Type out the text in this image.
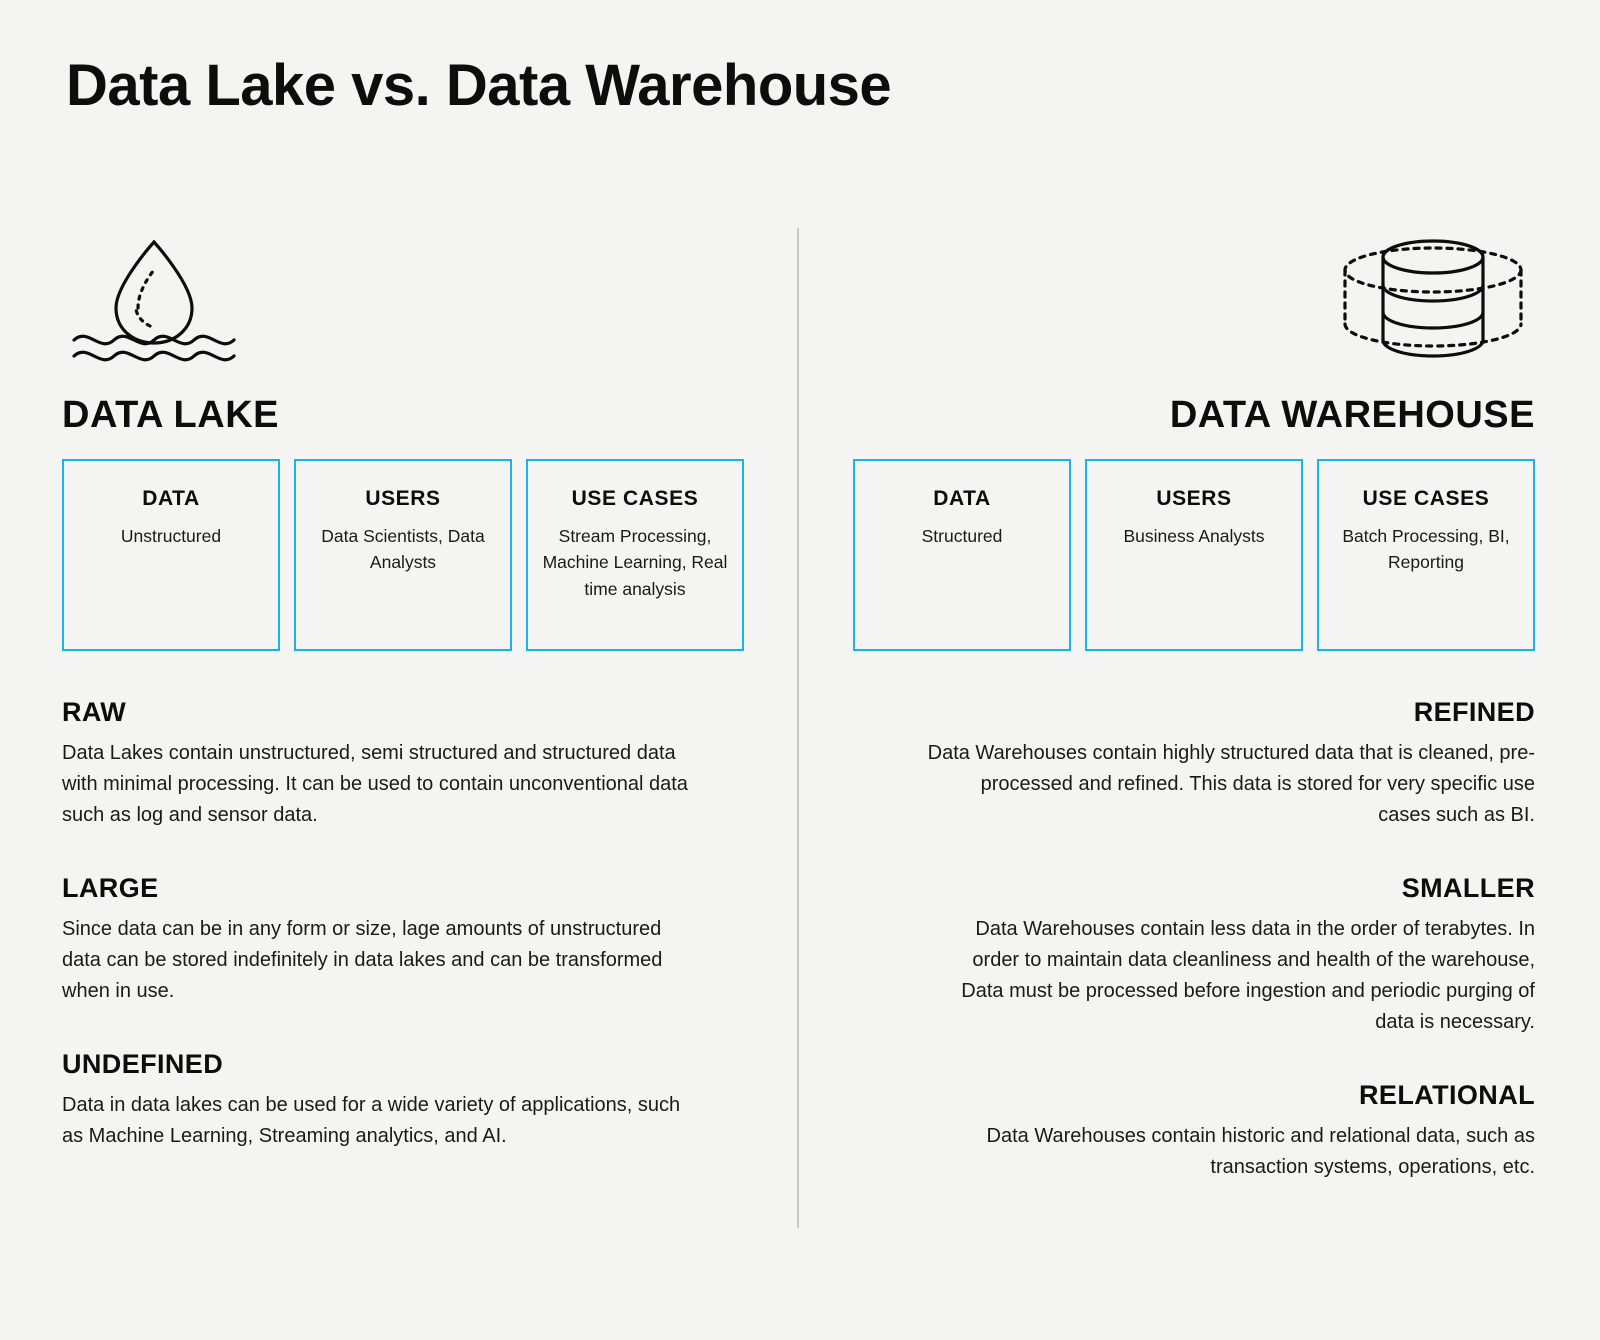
Data Lake vs. Data Warehouse
DATA LAKE
DATA
Unstructured
USERS
Data Scientists, Data Analysts
USE CASES
Stream Processing, Machine Learning, Real time analysis
RAW
Data Lakes contain unstructured, semi structured and structured data with minimal processing. It can be used to contain unconventional data such as log and sensor data.
LARGE
Since data can be in any form or size, lage amounts of unstructured data can be stored indefinitely in data lakes and can be transformed when in use.
UNDEFINED
Data in data lakes can be used for a wide variety of applications, such as Machine Learning, Streaming analytics, and AI.
DATA WAREHOUSE
DATA
Structured
USERS
Business Analysts
USE CASES
Batch Processing, BI, Reporting
REFINED
Data Warehouses contain highly structured data that is cleaned, pre-processed and refined. This data is stored for very specific use cases such as BI.
SMALLER
Data Warehouses contain less data in the order of terabytes. In order to maintain data cleanliness and health of the warehouse, Data must be processed before ingestion and periodic purging of data is necessary.
RELATIONAL
Data Warehouses contain historic and relational data, such as transaction systems, operations, etc.
